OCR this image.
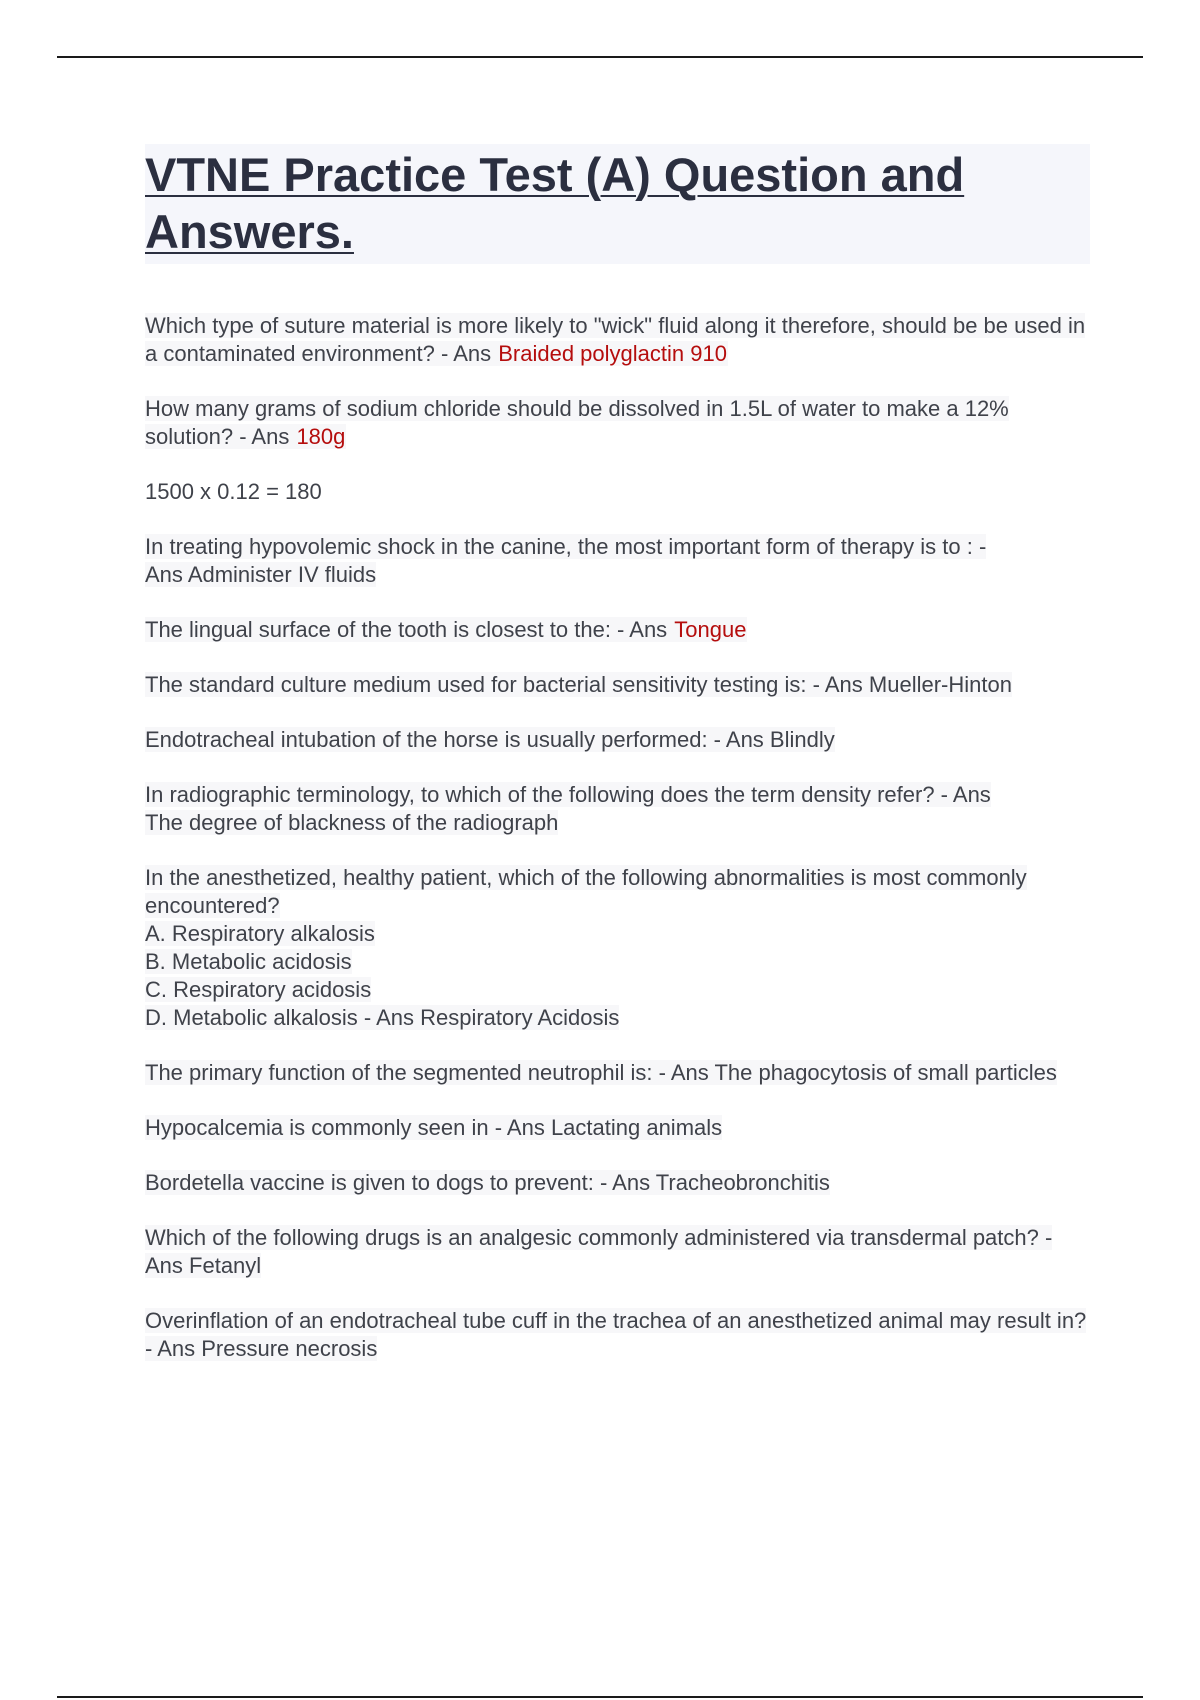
VTNE Practice Test (A) Question and Answers.

Which type of suture material is more likely to "wick" fluid along it therefore, should be be used in a contaminated environment? - Ans Braided polyglactin 910

How many grams of sodium chloride should be dissolved in 1.5L of water to make a 12% solution? - Ans 180g

1500 x 0.12 = 180

In treating hypovolemic shock in the canine, the most important form of therapy is to : -
Ans Administer IV fluids

The lingual surface of the tooth is closest to the: - Ans Tongue

The standard culture medium used for bacterial sensitivity testing is: - Ans Mueller-Hinton

Endotracheal intubation of the horse is usually performed: - Ans Blindly

In radiographic terminology, to which of the following does the term density refer? - Ans
The degree of blackness of the radiograph

In the anesthetized, healthy patient, which of the following abnormalities is most commonly encountered?
A. Respiratory alkalosis
B. Metabolic acidosis
C. Respiratory acidosis
D. Metabolic alkalosis - Ans Respiratory Acidosis

The primary function of the segmented neutrophil is: - Ans The phagocytosis of small particles

Hypocalcemia is commonly seen in - Ans Lactating animals

Bordetella vaccine is given to dogs to prevent: - Ans Tracheobronchitis

Which of the following drugs is an analgesic commonly administered via transdermal patch? - Ans Fetanyl

Overinflation of an endotracheal tube cuff in the trachea of an anesthetized animal may result in? - Ans Pressure necrosis
